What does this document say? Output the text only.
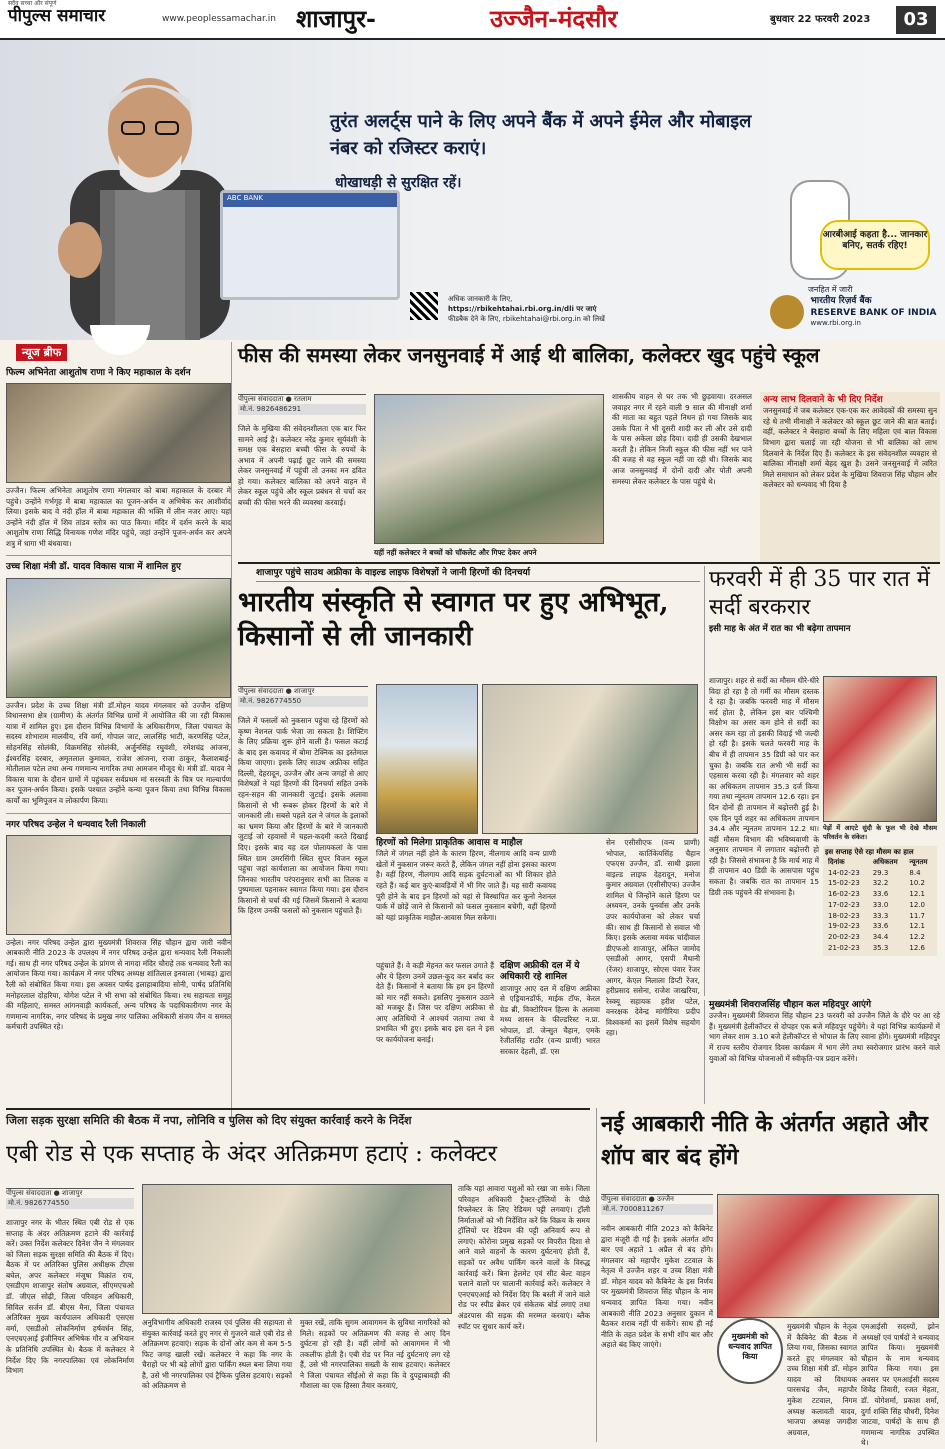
सदैव सच्चा और संपूर्ण
पीपुल्स समाचार	www.peoplessamachar.in शाजापुर-	उज्जैन-मंदसौर	बुधवार 22 फरवरी 2023	03
ABC BANK
तुरंत अलर्ट्स पाने के लिए अपने बैंक में अपने ईमेल और मोबाइल नंबर को रजिस्टर कराएं।
धोखाधड़ी से सुरक्षित रहें।
आरबीआई कहता है... जानकार बनिए, सतर्क रहिए!
अधिक जानकारी के लिए,
https://rbikehtahai.rbi.org.in/dli पर जाएं
फीडबैक देने के लिए, rbikehtahai@rbi.org.in को लिखें
जनहित में जारी

भारतीय रिज़र्व बैंक
RESERVE BANK OF INDIA
www.rbi.org.in
न्यूज ब्रीफ
फिल्म अभिनेता आशुतोष राणा ने किए महाकाल के दर्शन
उज्जैन। फिल्म अभिनेता आशुतोष राणा मंगलवार को बाबा महाकाल के दरबार में पहुंचे। उन्होंने गर्भगृह में बाबा महाकाल का पूजन-अर्चन व अभिषेक कर आशीर्वाद लिया। इसके बाद वे नंदी हॉल में बाबा महाकाल की भक्ति में लीन नजर आए। यहां उन्होंने नंदी हॉल में शिव तांडव स्तोत्र का पाठ किया। मंदिर में दर्शन करने के बाद आशुतोष राणा सिद्धि विनायक गणेश मंदिर पहुंचे, जहां उन्होंने पूजन-अर्चन कर अपने शत्रु में धागा भी बंधवाया।
उच्च शिक्षा मंत्री डॉ. यादव विकास यात्रा में शामिल हुए
उज्जैन। प्रदेश के उच्च शिक्षा मंत्री डॉ.मोहन यादव मंगलवार को उज्जैन दक्षिण विधानसभा क्षेत्र (ग्रामीण) के अंतर्गत विभिन्न ग्रामों में आयोजित की जा रही विकास यात्रा में शामिल हुए। इस दौरान विभिन्न विभागों के अधिकारीगण, जिला पंचायत के सदस्य शोभाराम मालवीय, रवि वर्मा, गोपाल जाट, लालसिंह भाटी, करणसिंह पटेल, सोहनसिंह सोलंकी, विक्रमसिंह सोलंकी, अर्जुनसिंह रघुवंशी, रमेशचंद्र आंजना, ईश्वरसिंह दरबार, अमृतलाल कुमावत, राजेश आंजना, राजा ठाकुर, कैलाशबाई-मोतीलाल पटेल तथा अन्य गणमान्य नागरिक तथा आमजन मौजूद थे। मंत्री डॉ. यादव ने विकास यात्रा के दौरान ग्रामों में पहुंचकर सर्वप्रथम मां सरस्वती के चित्र पर माल्यार्पण कर पूजन-अर्चन किया। इसके पश्चात उन्होंने कन्या पूजन किया तथा विभिन्न विकास कार्यों का भूमिपूजन व लोकार्पण किया।
नगर परिषद उन्हेल ने धन्यवाद रैली निकाली
उन्हेल। नगर परिषद उन्हेल द्वारा मुख्यमंत्री शिवराज सिंह चौहान द्वारा जारी नवीन आबकारी नीति 2023 के उपलक्ष्य में नगर परिषद उन्हेल द्वारा धन्यवाद रैली निकाली गई। साथ ही नगर परिषद उन्हेल के प्रांगण से नागदा मंदिर चौराहे तक धन्यवाद रैली का आयोजन किया गया। कार्यक्रम में नगर परिषद अध्यक्ष शांतिलाल इनवाला (भाबड़) द्वारा रैली को संबोधित किया गया। इस अवसर पार्षद इलाहाबादिया सोनी, पार्षद प्रतिनिधि मनोहरलाल दोहरिया, योगेश पटेल ने भी सभा को संबोधित किया। रथ सहायता समूह की महिलाएं, समस्त आंगनवाड़ी कार्यकर्ता, अन्य परिषद के पदाधिकारीगण नगर के गणमान्य नागरिक, नगर परिषद के प्रमुख नगर पालिका अधिकारी संजय जैन व समस्त कर्मचारी उपस्थित रहे।
फीस की समस्या लेकर जनसुनवाई में आई थी बालिका, कलेक्टर खुद पहुंचे स्कूल
पीपुल्स संवाददाता ● रतलाम
मो.नं. 9826486291
जिले के मुखिया की संवेदनशीलता एक बार फिर सामने आई है। कलेक्टर नरेंद्र कुमार सूर्यवंशी के समक्ष एक बेसहारा बच्ची फीस के रुपयों के अभाव में अपनी पढ़ाई छूट जाने की समस्या लेकर जनसुनवाई में पहुंची तो उनका मन द्रवित हो गया। कलेक्टर बालिका को अपने वाहन में लेकर स्कूल पहुंचे और स्कूल प्रबंधन से चर्चा कर बच्ची की फीस भरने की व्यवस्था करवाई।
यहीं नहीं कलेक्टर ने बच्चों को चॉकलेट और गिफ्ट देकर अपने
शासकीय वाहन से घर तक भी छुड़वाया। दरअसल जवाहर नगर में रहने वाली 9 साल की मीनाक्षी शर्मा की माता का बहुत पहले निधन हो गया जिसके बाद उसके पिता ने भी दूसरी शादी कर ली और उसे दादी के पास अकेला छोड़ दिया। दादी ही उसकी देखभाल करती है। लेकिन निजी स्कूल की फीस नहीं भर पाने की वजह से वह स्कूल नहीं जा रही थी। जिसके बाद आज जनसुनवाई में दोनों दादी और पोती अपनी समस्या लेकर कलेक्टर के पास पहुंचे थे।
अन्य लाभ दिलवाने के भी दिए निर्देश
जनसुनवाई में जब कलेक्टर एक-एक कर आवेदकों की समस्या सुन रहे थे तभी मीनाक्षी ने कलेक्टर को स्कूल छूट जाने की बात बताई। वहीं, कलेक्टर ने बेसहारा बच्चों के लिए महिला एवं बाल विकास विभाग द्वारा चलाई जा रही योजना से भी बालिका को लाभ दिलवाने के निर्देश दिए हैं। कलेक्टर के इस संवेदनशील व्यवहार से बालिका मीनाक्षी शर्मा बेहद खुश है। उसने जनसुनवाई में त्वरित मिले समाधान को लेकर प्रदेश के मुखिया शिवराज सिंह चौहान और कलेक्टर को धन्यवाद भी दिया है
शाजापुर पहुंचे साउथ अफ्रीका के वाइल्ड लाइफ विशेषज्ञों ने जानी हिरणों की दिनचर्या
भारतीय संस्कृति से स्वागत पर हुए अभिभूत, किसानों से ली जानकारी
पीपुल्स संवाददाता ● शाजापुर
मो.नं. 9826774550
जिले में फसलों को नुकसान पहुंचा रहे हिरणों को कृष्ण नेशनल पार्क भेजा जा सकता है। शिफ्टिंग के लिए प्रक्रिया शुरू होने वाली है। फसल कटाई के बाद इस कवायद में बोमा टेक्निक का इस्तेमाल किया जाएगा। इसके लिए साउथ अफ्रीका सहित दिल्ली, देहरादून, उज्जैन और अन्य जगहों से आए विशेषज्ञों ने यहां हिरणों की दिनचर्या सहित उनके रहन-सहन की जानकारी जुटाई। इसके अलावा किसानों से भी रूबरू होकर हिरणों के बारे में जानकारी ली। सबसे पहले दल ने जंगल के इलाकों का भ्रमण किया और हिरणों के बारे में जानकारी जुटाई जो रहवासों में चहल-कदमी करते दिखाई दिए। इसके बाद यह दल पोलायकलां के पास स्थित ग्राम उमरसिंगी स्थित सुपर विजन स्कूल पहुंचा जहां कार्यशाला का आयोजन किया गया। जिनका भारतीय परंपरानुसार सभी का तिलक व पुष्पमाला पहनाकर स्वागत किया गया। इस दौरान किसानों से चर्चा की गई जिसमें किसानों ने बताया कि हिरण उनकी फसलों को नुकसान पहुंचाते हैं।
हिरणों को मिलेगा प्राकृतिक आवास व माहौल
जिले में जंगल नहीं होने के कारण हिरण, नीलगाय आदि वन्य प्राणी खेतों में नुकसान जरूर करते हैं, लेकिन जंगल नहीं होना इसका कारण है। वहीं हिरण, नीलगाय आदि सड़क दुर्घटनाओं का भी शिकार होते रहते हैं। कई बार कुएं-बावड़ियों में भी गिर जाते हैं। यह सारी कवायद पूरी होने के बाद इन हिरणों को यहां से विस्थापित कर कूनो नेशनल पार्क में छोड़ें जाने से किसानों को फसल नुकसान बचेगी, वहीं हिरणों को यहां प्राकृतिक माहौल-आवास मिल सकेगा।
पहुंचाते हैं। वे कड़ी मेहनत कर फसल उगाते हैं और ये हिरण उनमें उछल-कूद कर बर्बाद कर देते हैं। किसानों ने बताया कि हम इन हिरणों को मार नहीं सकते। इसलिए नुकसान उठाने को मजबूर हैं। जिस पर दक्षिण अफ्रीका से आए अतिथियों ने आश्चर्य जताया तथा वे प्रभावित भी हुए। इसके बाद इस दल ने इस पर कार्ययोजना बनाई।
दक्षिण अफ्रीकी दल में ये अधिकारी रहे शामिल
शाजापुर आए दल में दक्षिण अफ्रीका से एड्रियानडॉर्फ, माईक टॉफ, केरल ग्रेड ब्री, विक्टोरियन हिल्स के अलावा मध्य शासन के फील्डरिस्ट न.प्रा. भोपाल, डॉ. जेन्सुत चैहान, एमके रेंजीतसिंह राठौर (वन्य प्राणी) भारत सरकार देहली, डॉ. एस
सेन एसीसीएफ (वन्य प्राणी) भोपाल, कार्तिकेयसिंह चैहान एफएस उज्जैन, डॉ. साथी झाला वाइल्ड लाइफ देहरादून, मनोज कुमार अग्रवाल (एसीसीएफ) उज्जैन शामिल थे जिन्होंने काले हिरण पर अध्ययन, उनके पुनर्वास और उनके उपर कार्ययोजना को लेकर चर्चा की। साथ ही किसानों से सवाल भी किए। इसके अलावा मयंक चांदीवाल डीएफओ शाजापुर, अंकित जामोद एसडीओ आगर, एसपी मैथानी (रेंजर) शाजापुर, सोएस पंवार रेंजर आगर, केएल निलाला डिप्टी रेंजर, हरीप्रसाद ससेना, राजेश जाखरिया, रेस्क्यू सहायक हरीश पटेल, वनरक्षक देवेन्द्र मांगीरिया प्रदीप विश्वकर्मा का इसमें विशेष सहयोग रहा।
फरवरी में ही 35 पार रात में सर्दी बरकरार
इसी माह के अंत में रात का भी बढ़ेगा तापमान
शाजापुर। शहर से सर्दी का मौसम धीरे-धीरे विदा हो रहा है तो गर्मी का मौसम दस्तक दे रहा है। जबकि फरवरी माह में मौसम सर्द होता है, लेकिन इस बार पश्चिमी विक्षोभ का असर कम होने से सर्दी का असर कम रहा तो इसकी विदाई भी जल्दी हो रही है। इसके चलते फरवरी माह के बीच में ही तापमान 35 डिग्री को पार कर चुका है। जबकि रात अभी भी सर्दी का एहसास करवा रही है। मंगलवार को शहर का अधिकतम तापमान 35.3 दर्ज किया गया तथा न्यूनतम तापमान 12.6 रहा। इन दिन दोनों ही तापमान में बढ़ोत्तरी हुई है। एक दिन पूर्व शहर का अधिकतम तापमान 34.4 और न्यूनतम तापमान 12.2 था। वहीं मौसम विभाग की भविष्यवाणी के अनुसार तापमान में लगातार बढ़ोत्तरी हो रही है। जिससे संभावना है कि मार्च माह में ही तापमान 40 डिग्री के आसपास पहुंच सकता है। जबकि रात का तापमान 15 डिग्री तक पहुंचने की संभावना है।
पेड़ों में आएटे सुंदौ के फूल भी देखे मौसम परिवर्तन के संकेत।
इस सप्ताह ऐसे रहा मौसम का हाल
दिनांक	अधिकतम	न्यूनतम
14-02-23	29.3	8.4
15-02-23	32.2	10.2
16-02-23	33.6	12.1
17-02-23	33.0	12.0
18-02-23	33.3	11.7
19-02-23	33.6	12.1
20-02-23	34.4	12.2
21-02-23	35.3	12.6
मुख्यमंत्री शिवराजसिंह चौहान कल महिदपुर आएंगे
उज्जैन। मुख्यमंत्री शिवराज सिंह चौहान 23 फरवरी को उज्जैन जिले के दौरे पर आ रहे हैं। मुख्यमंत्री हेलीकॉप्टर से दोपहर एक बजे महिदपुर पहुंचेंगे। वे यहां विभिन्न कार्यक्रमों में भाग लेकर शाम 3.10 बजे हेलीकॉप्टर से भोपाल के लिए रवाना होंगे। मुख्यमंत्री महिदपुर में राज्य स्तरीय रोजगार दिवस कार्यक्रम में भाग लेंगे तथा स्वरोजगार प्रारंभ करने वाले युवाओं को विभिन्न योजनाओं में स्वीकृति-पत्र प्रदान करेंगे।
जिला सड़क सुरक्षा समिति की बैठक में नपा, लोनिवि व पुलिस को दिए संयुक्त कार्रवाई करने के निर्देश
एबी रोड से एक सप्ताह के अंदर अतिक्रमण हटाएं : कलेक्टर
पीपुल्स संवाददाता ● शाजापुर
मो.नं. 9826774550
शाजापुर नगर के भीतर स्थित एबी रोड से एक सप्ताह के अंदर अतिक्रमण हटाने की कार्रवाई करें। उक्त निर्देश कलेक्टर दिनेश जैन ने मंगलवार को जिला सड़क सुरक्षा समिति की बैठक में दिए। बैठक में पर अतिरिक्त पुलिस अधीक्षक टीएस बघेल, अपर कलेक्टर मंजूषा विक्रांत राय, एसडीएम शाजापुर संतोष अग्रवाल, सीएमएचओ डॉ. जीएल सोढ़ी, जिला परिवहन अधिकारी, सिविल सर्जन डॉ. बीएस मैना, जिला पंचायत अतिरिक्त मुख्य कार्यपालन अधिकारी एसएस वर्मा, एसडीओ लोकनिर्माण हर्षवर्धन सिंह, एनएचएआई इंजीनियर अभिषेक गौर व अभियान के प्रतिनिधि उपस्थित थे। बैठक में कलेक्टर ने निर्देश दिए कि नगरपालिका एवं लोकनिर्माण विभाग
अनुविभागीय अधिकारी राजस्व एवं पुलिस की सहायता से संयुक्त कार्रवाई करते हुए नगर से गुजरने वाले एबी रोड से अतिक्रमण हटवाएं। सड़क के दोनों ओर कम से कम 5-5 फिट जगह खाली रखें। कलेक्टर ने कहा कि नगर के चैराहों पर भी बड़े लोगों द्वारा पार्किंग स्थल बना लिया गया है, उसे भी नगरपालिका एवं ट्रैफिक पुलिस हटवाएं। सड़कों को अतिक्रमण से
मुक्त रखें, ताकि सुगम आवागमन के सुविधा नागरिकों को मिले। सड़कों पर अतिक्रमण की वजह से आए दिन दुर्घटना हो रही है। वहीं लोगों को आवागमन में भी तकलीफ होती है। एबी रोड पर नित नई दुर्घटनाएं लग रहे हैं, उसे भी नगरपालिका सख्ती के साथ हटवाए। कलेक्टर ने जिला पंचायत सीईओ से कहा कि वे दुपट्टाबावड़ी की गौशाला का एक हिस्सा तैयार करवाएं,
ताकि यहां आवारा पशुओं को रखा जा सके। जिला परिवहन अधिकारी ट्रैक्टर-ट्रॉलियों के पीछे रिफ्लेक्टर के लिए रेडियम पट्टी लगवाएं। ट्रॉली निर्माताओं को भी निर्देशित करें कि विक्रय के समय ट्रॉलियों पर रेडियम की पट्टी अनिवार्य रूप से लगाएं। कोरोना प्रमुख सड़कों पर विपरीत दिशा से आने वाले वाहनों के कारण दुर्घटनाएं होती हैं, सड़कों पर अवैध पार्किंग करने वालों के विरुद्ध कार्रवाई करें। बिना हेलमेट एवं सीट बेल्ट वाहन चलाने वालों पर चालानी कार्रवाई करें। कलेक्टर ने एनएचएआई को निर्देश दिए कि बस्ती में जाने वाले रोड पर स्पीड ब्रेकर एवं संकेतक बोर्ड लगाएं तथा अंडरपास की सड़क की मरम्मत करवाएं। ब्लैक स्पॉट पर सुधार कार्य करें।
नई आबकारी नीति के अंतर्गत अहाते और शॉप बार बंद होंगे
पीपुल्स संवाददाता ● उज्जैन
मो.नं. 7000811267
नवीन आबकारी नीति 2023 को कैबिनेट द्वारा मंजूरी दी गई है। इसके अंतर्गत शॉप बार एवं अहाते 1 अप्रैल से बंद होंगे। मंगलवार को महापौर मुकेश टटवाल के नेतृत्व में उज्जैन शहर व उच्च शिक्षा मंत्री डॉ. मोहन यादव को कैबिनेट के इस निर्णय पर मुख्यमंत्री शिवराज सिंह चौहान के नाम धन्यवाद ज्ञापित किया गया। नवीन आबकारी नीति 2023 अनुसार दुकान में बैठकर शराब नहीं पी सकेंगे। साथ ही नई नीति के तहत प्रदेश के सभी शॉप बार और अहाते बंद किए जाएंगे।
मुख्यमंत्री को धन्यवाद ज्ञापित किया
मुख्यमंत्री चौहान के नेतृत्व में कैबिनेट की बैठक में लिया गया, जिसका स्वागत करते हुए मंगलवार को उच्च शिक्षा मंत्री डॉ. मोहन यादव को विधायक पारसचंद्र जैन, महापौर मुकेश टटवाल, निगम अध्यक्ष कलावती यादव, भाजपा अध्यक्ष जगदीश अग्रवाल,
एमआईसी सदस्यों, झोन अध्यक्षों एवं पार्षदों ने धन्यवाद ज्ञापित किया। मुख्यमंत्री चौहान के नाम धन्यवाद ज्ञापित किया गया। इस अवसर पर एमआईसी सदस्य शिवेंद्र तिवारी, रजत मेहता, डॉ. योगेशर्मा, प्रकाश शर्मा, दुर्गा शक्ति सिंह चौधरी, दिनेश जाटवा, पार्षदों के साथ ही गणमान्य नागरिक उपस्थित थे।
